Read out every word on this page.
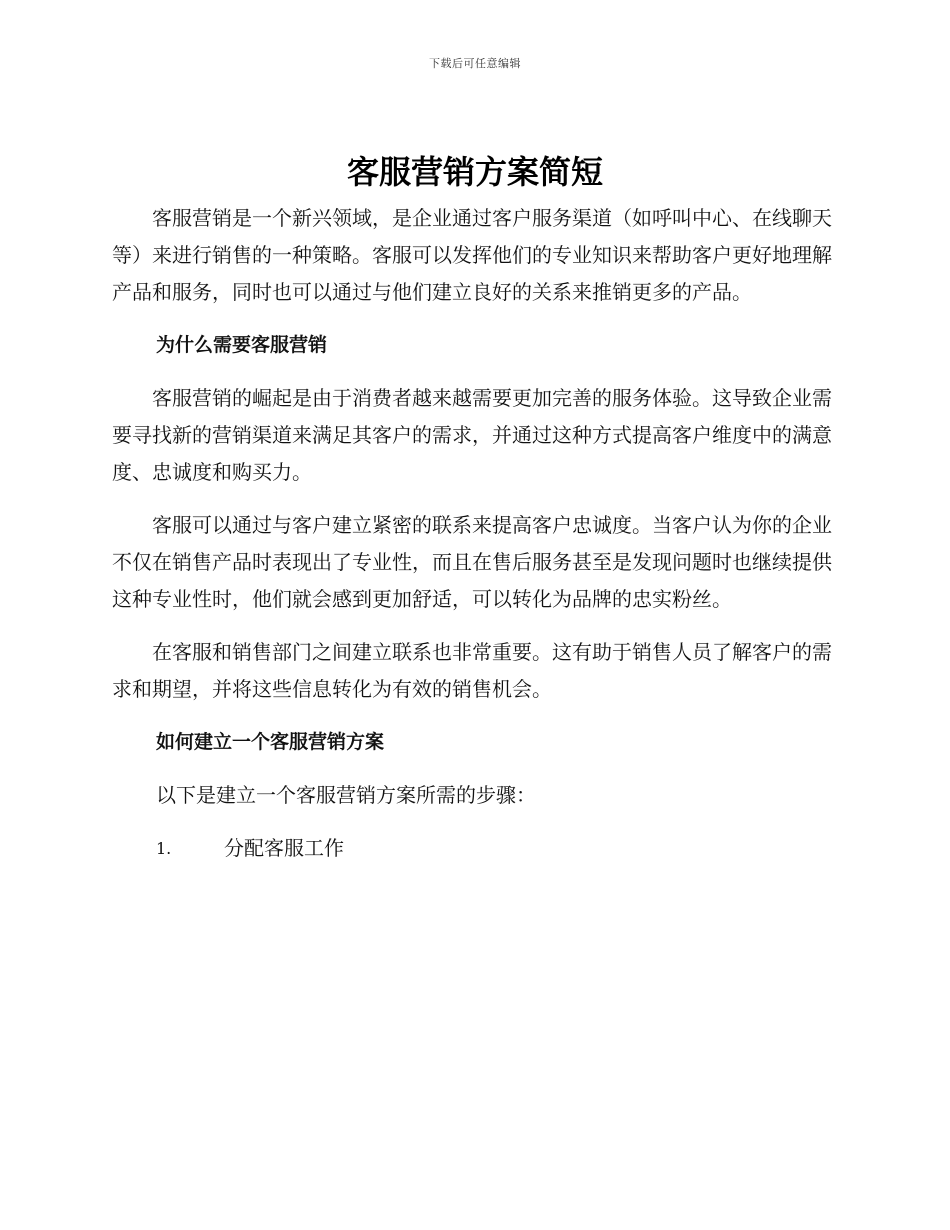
下载后可任意编辑
客服营销方案简短

客服营销是一个新兴领域，是企业通过客户服务渠道（如呼叫中心、在线聊天等）来进行销售的一种策略。客服可以发挥他们的专业知识来帮助客户更好地理解产品和服务，同时也可以通过与他们建立良好的关系来推销更多的产品。

为什么需要客服营销

客服营销的崛起是由于消费者越来越需要更加完善的服务体验。这导致企业需要寻找新的营销渠道来满足其客户的需求，并通过这种方式提高客户维度中的满意度、忠诚度和购买力。

客服可以通过与客户建立紧密的联系来提高客户忠诚度。当客户认为你的企业不仅在销售产品时表现出了专业性，而且在售后服务甚至是发现问题时也继续提供这种专业性时，他们就会感到更加舒适，可以转化为品牌的忠实粉丝。

在客服和销售部门之间建立联系也非常重要。这有助于销售人员了解客户的需求和期望，并将这些信息转化为有效的销售机会。

如何建立一个客服营销方案

以下是建立一个客服营销方案所需的步骤：

1.	分配客服工作
